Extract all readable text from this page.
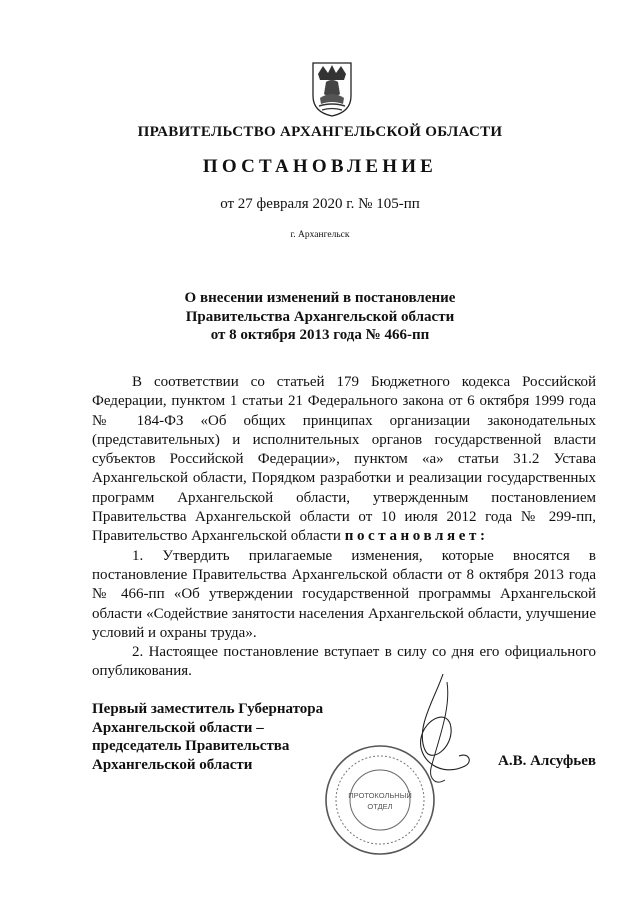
ПРАВИТЕЛЬСТВО АРХАНГЕЛЬСКОЙ ОБЛАСТИ
ПОСТАНОВЛЕНИЕ
от 27 февраля 2020 г. № 105-пп
г. Архангельск
О внесении изменений в постановление
Правительства Архангельской области
от 8 октября 2013 года № 466-пп

В соответствии со статьей 179 Бюджетного кодекса Российской Федерации, пунктом 1 статьи 21 Федерального закона от 6 октября 1999 года № 184-ФЗ «Об общих принципах организации законодательных (представительных) и исполнительных органов государственной власти субъектов Российской Федерации», пунктом «а» статьи 31.2 Устава Архангельской области, Порядком разработки и реализации государственных программ Архангельской области, утвержденным постановлением Правительства Архангельской области от 10 июля 2012 года № 299-пп, Правительство Архангельской области постановляет:

1. Утвердить прилагаемые изменения, которые вносятся в постановление Правительства Архангельской области от 8 октября 2013 года № 466-пп «Об утверждении государственной программы Архангельской области «Содействие занятости населения Архангельской области, улучшение условий и охраны труда».

2. Настоящее постановление вступает в силу со дня его официального опубликования.

Первый заместитель Губернатора
Архангельской области –
председатель Правительства
Архангельской области	А.В. Алсуфьев
ПРОТОКОЛЬНЫЙ
ОТДЕЛ
